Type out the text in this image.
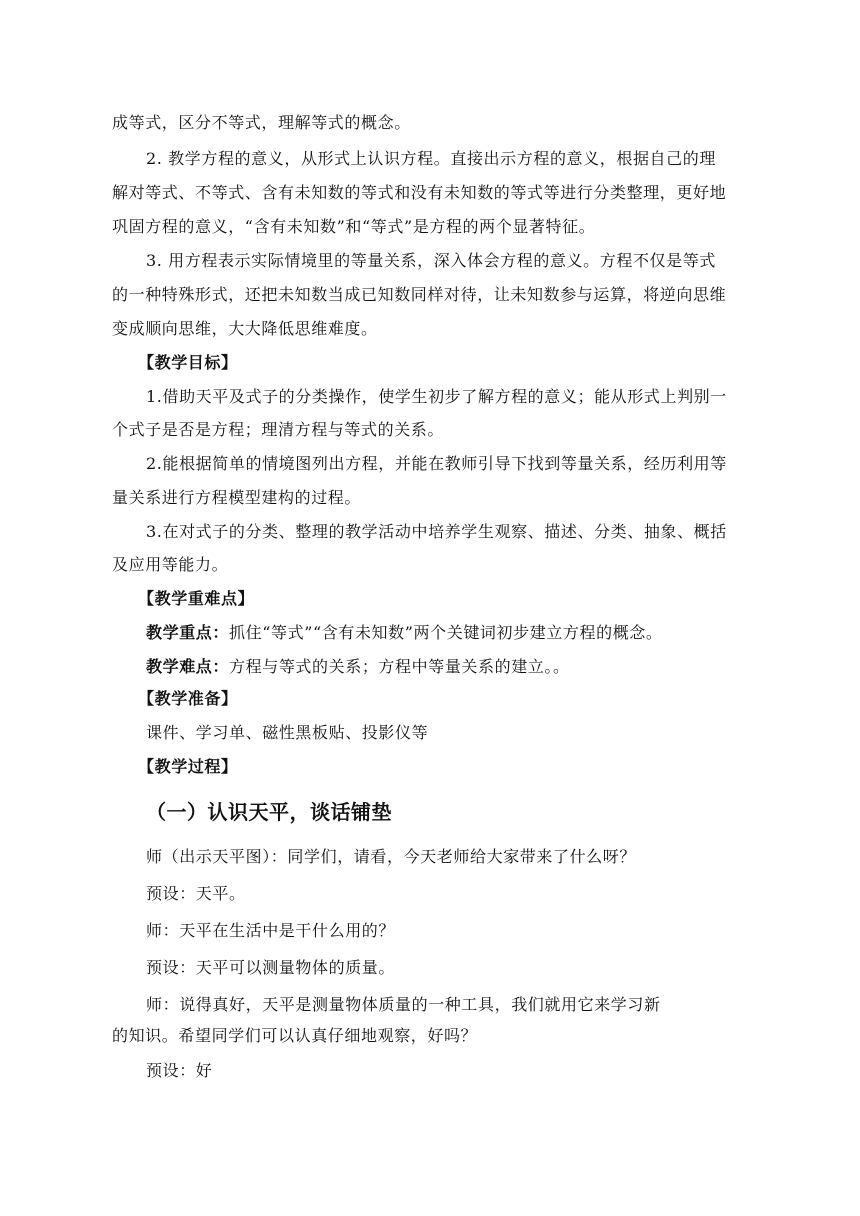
成等式，区分不等式，理解等式的概念。
2. 教学方程的意义，从形式上认识方程。直接出示方程的意义，根据自己的理
解对等式、不等式、含有未知数的等式和没有未知数的等式等进行分类整理，更好地
巩固方程的意义，“含有未知数”和“等式”是方程的两个显著特征。
3. 用方程表示实际情境里的等量关系，深入体会方程的意义。方程不仅是等式
的一种特殊形式，还把未知数当成已知数同样对待，让未知数参与运算，将逆向思维
变成顺向思维，大大降低思维难度。
【教学目标】
1.借助天平及式子的分类操作，使学生初步了解方程的意义；能从形式上判别一
个式子是否是方程；理清方程与等式的关系。
2.能根据简单的情境图列出方程，并能在教师引导下找到等量关系，经历利用等
量关系进行方程模型建构的过程。
3.在对式子的分类、整理的教学活动中培养学生观察、描述、分类、抽象、概括
及应用等能力。
【教学重难点】
教学重点：抓住“等式”“含有未知数”两个关键词初步建立方程的概念。
教学难点：方程与等式的关系；方程中等量关系的建立。。
【教学准备】
课件、学习单、磁性黑板贴、投影仪等
【教学过程】
（一）认识天平，谈话铺垫
师（出示天平图）：同学们，请看，今天老师给大家带来了什么呀？
预设：天平。
师：天平在生活中是干什么用的？
预设：天平可以测量物体的质量。
师：说得真好，天平是测量物体质量的一种工具，我们就用它来学习新
的知识。希望同学们可以认真仔细地观察，好吗？
预设：好
